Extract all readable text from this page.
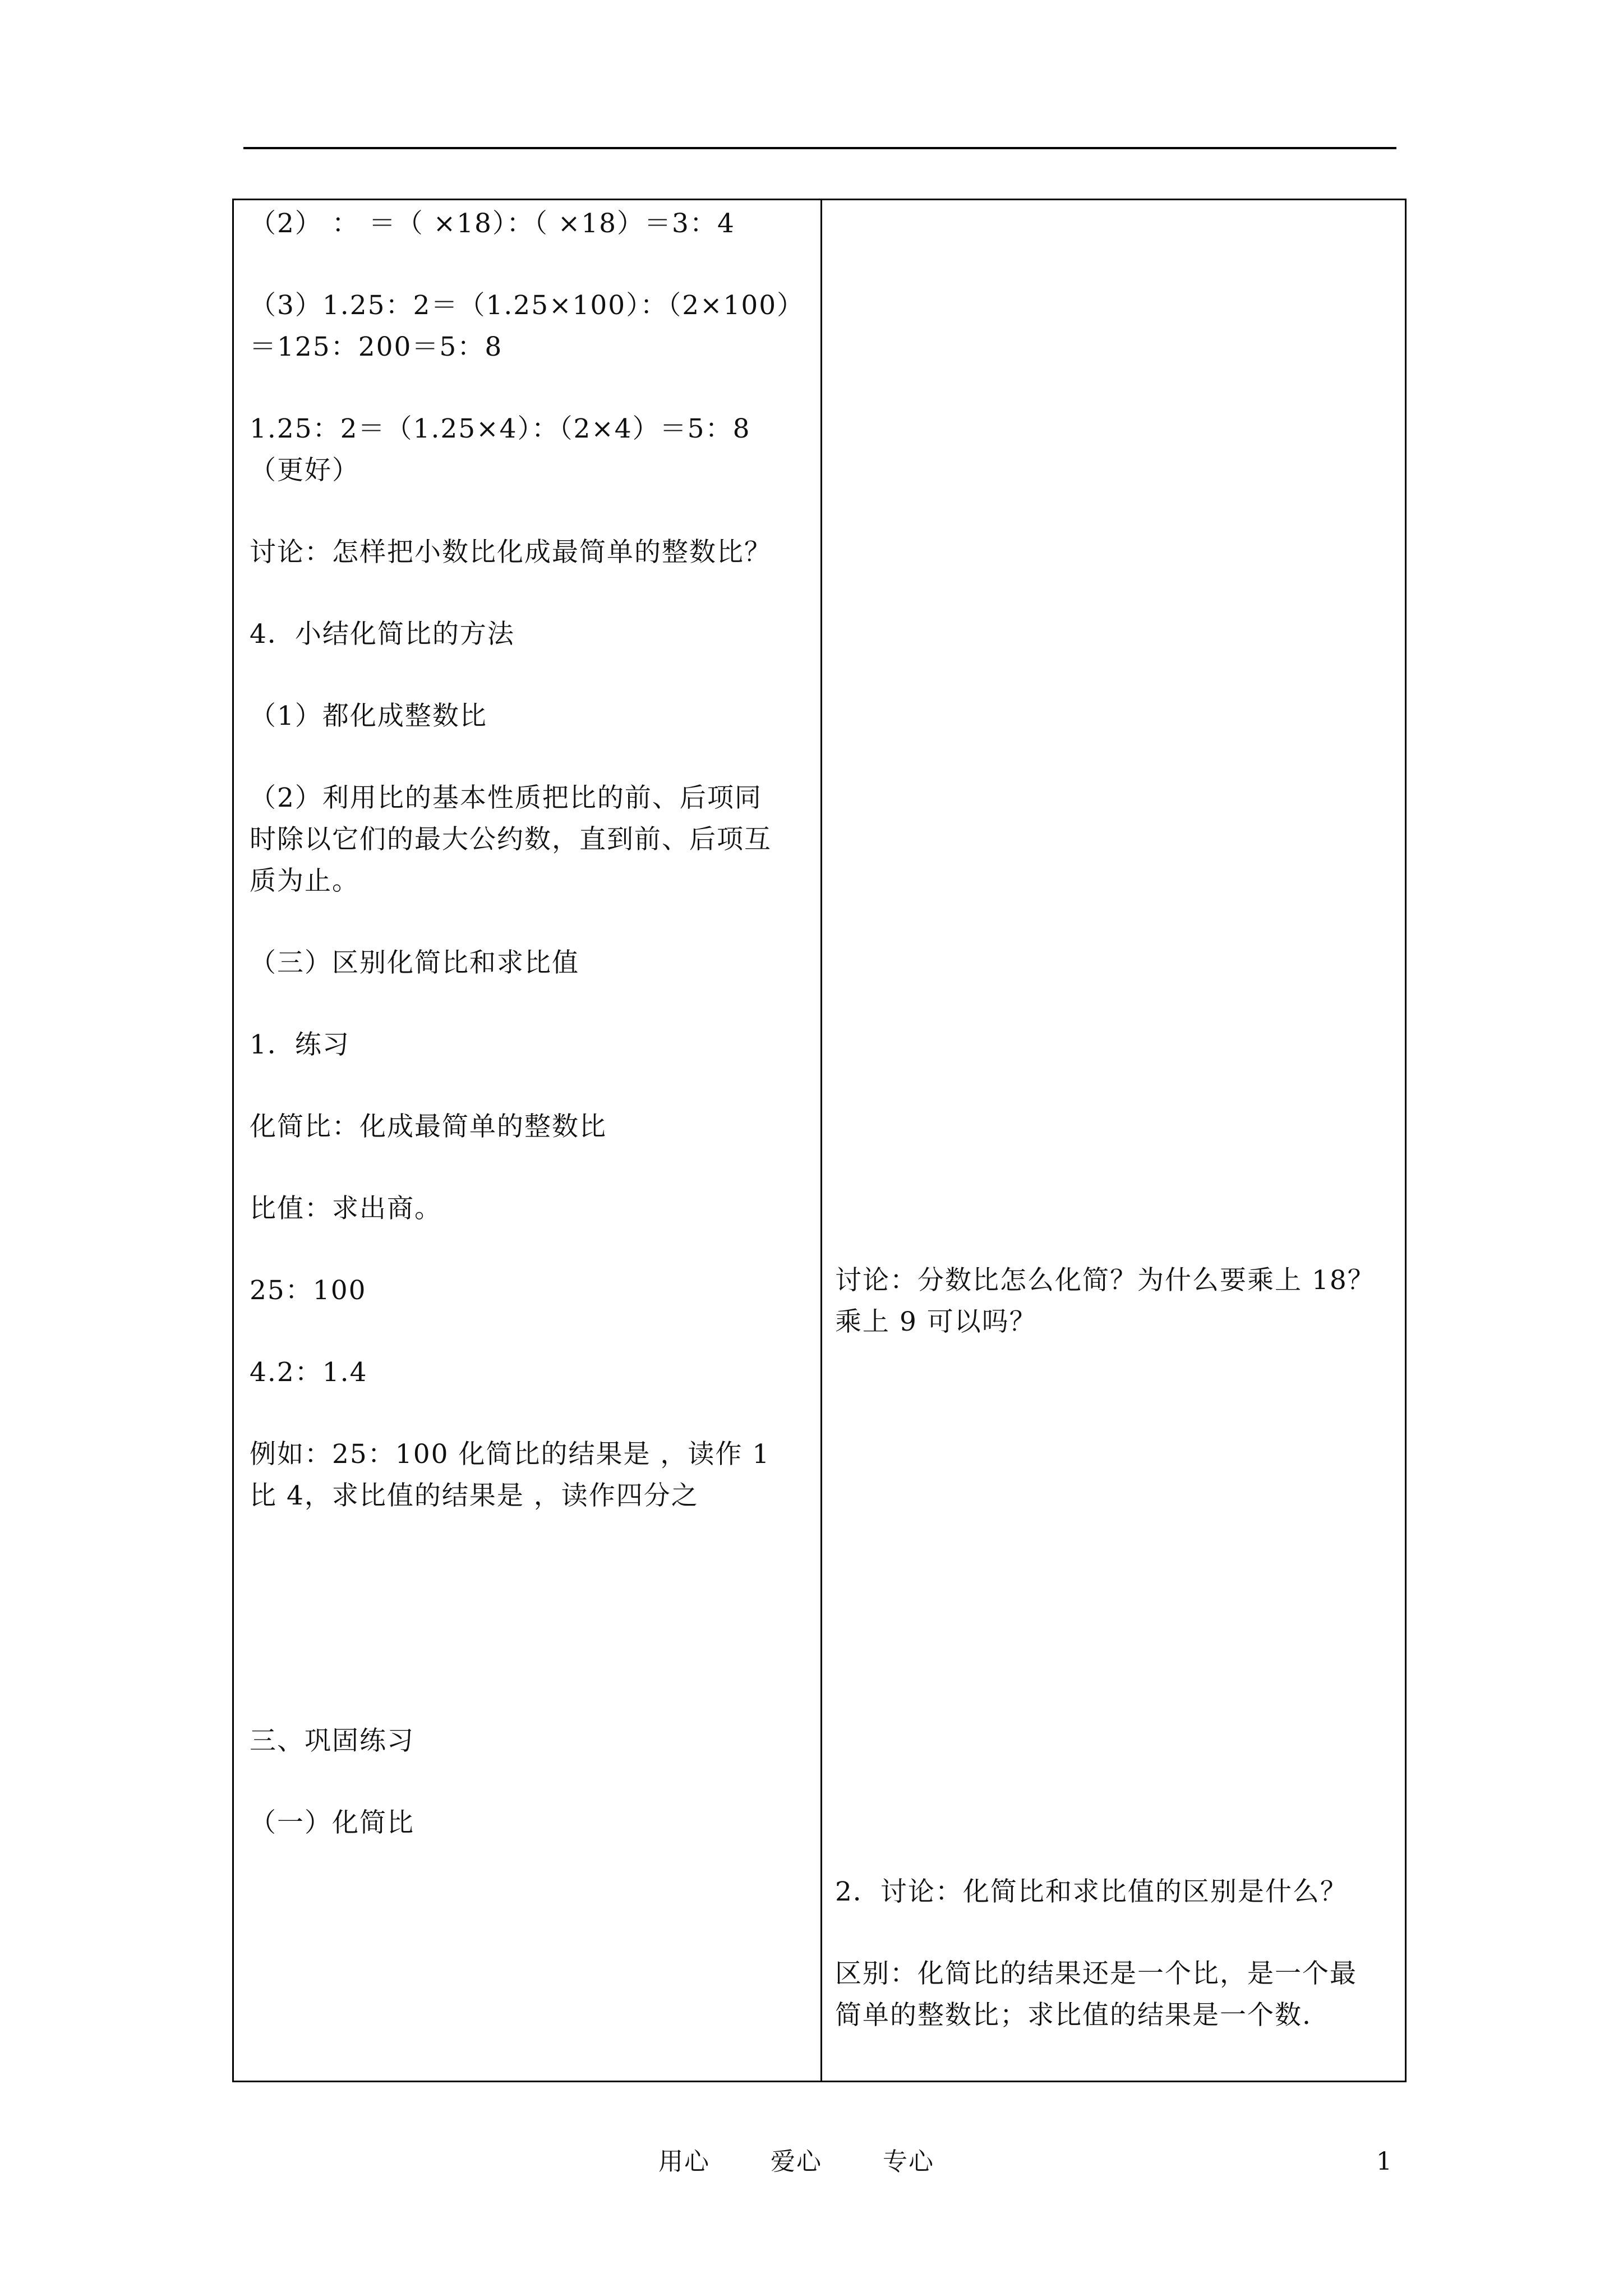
（2） ： ＝（ ×18）：（ ×18）＝3：4
（3）1.25：2＝（1.25×100）：（2×100）
＝125：200＝5：8
1.25：2＝（1.25×4）：（2×4）＝5：8
（更好）
讨论：怎样把小数比化成最简单的整数比？
4．小结化简比的方法
（1）都化成整数比
（2）利用比的基本性质把比的前、后项同
时除以它们的最大公约数，直到前、后项互
质为止。
（三）区别化简比和求比值
1．练习
化简比：化成最简单的整数比
比值：求出商。
25：100
4.2：1.4
例如：25：100 化简比的结果是 ，读作 1
比 4，求比值的结果是 ，读作四分之
三、巩固练习
（一）化简比
讨论：分数比怎么化简？为什么要乘上 18？
乘上 9 可以吗？
2．讨论：化简比和求比值的区别是什么？
区别：化简比的结果还是一个比，是一个最
简单的整数比；求比值的结果是一个数.
用心 爱心 专心	1
